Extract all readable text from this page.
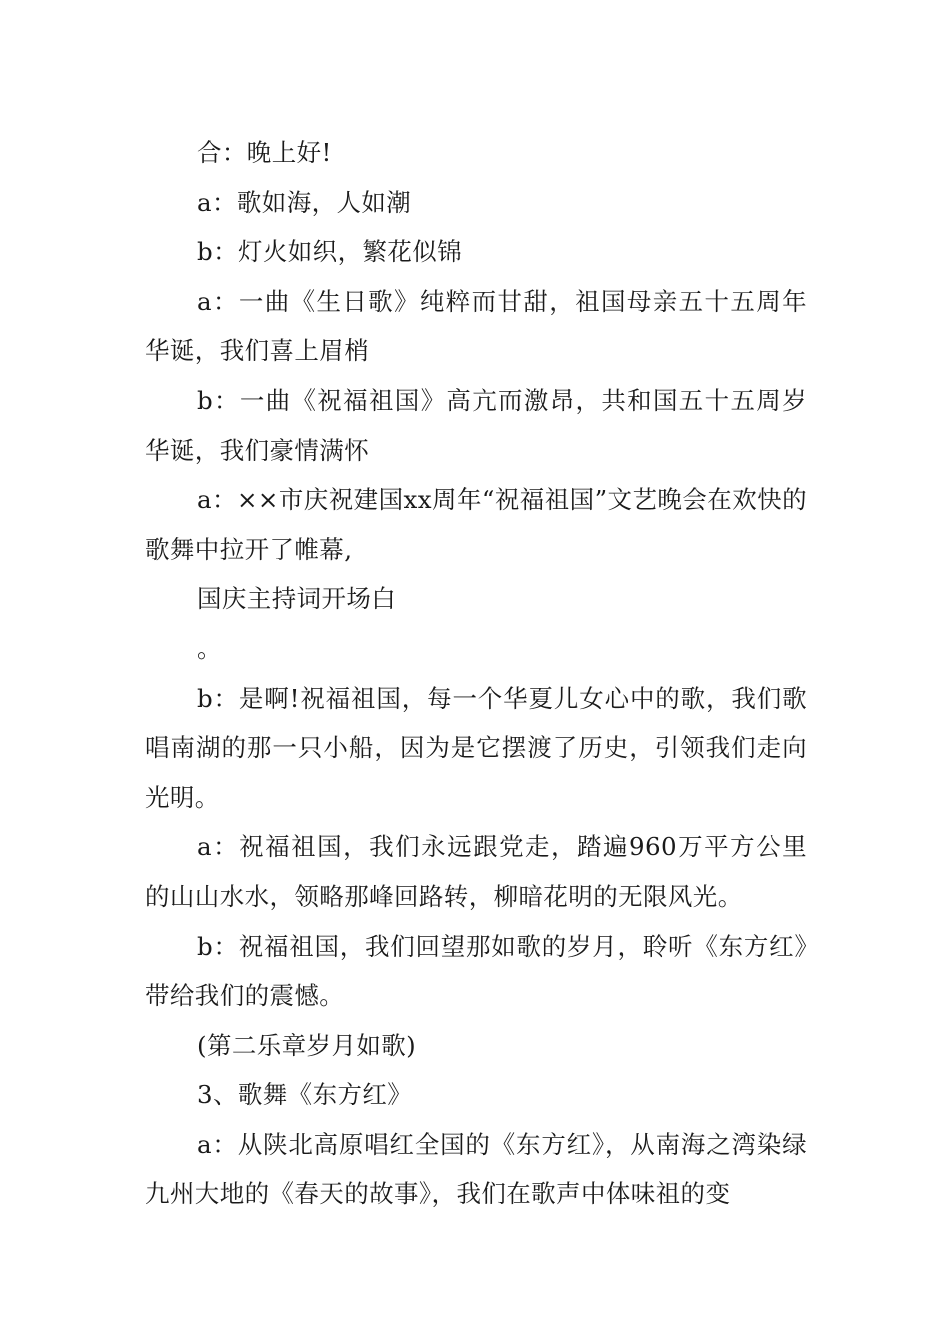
合：晚上好!

a：歌如海，人如潮

b：灯火如织，繁花似锦

a：一曲《生日歌》纯粹而甘甜，祖国母亲五十五周年华诞，我们喜上眉梢

b：一曲《祝福祖国》高亢而激昂，共和国五十五周岁华诞，我们豪情满怀

a：××市庆祝建国xx周年“祝福祖国”文艺晚会在欢快的歌舞中拉开了帷幕,

国庆主持词开场白

。

b：是啊!祝福祖国，每一个华夏儿女心中的歌，我们歌唱南湖的那一只小船，因为是它摆渡了历史，引领我们走向光明。

a：祝福祖国，我们永远跟党走，踏遍960万平方公里的山山水水，领略那峰回路转，柳暗花明的无限风光。

b：祝福祖国，我们回望那如歌的岁月，聆听《东方红》带给我们的震憾。

(第二乐章岁月如歌)

3、歌舞《东方红》

a：从陕北高原唱红全国的《东方红》，从南海之湾染绿九州大地的《春天的故事》，我们在歌声中体味祖的变
